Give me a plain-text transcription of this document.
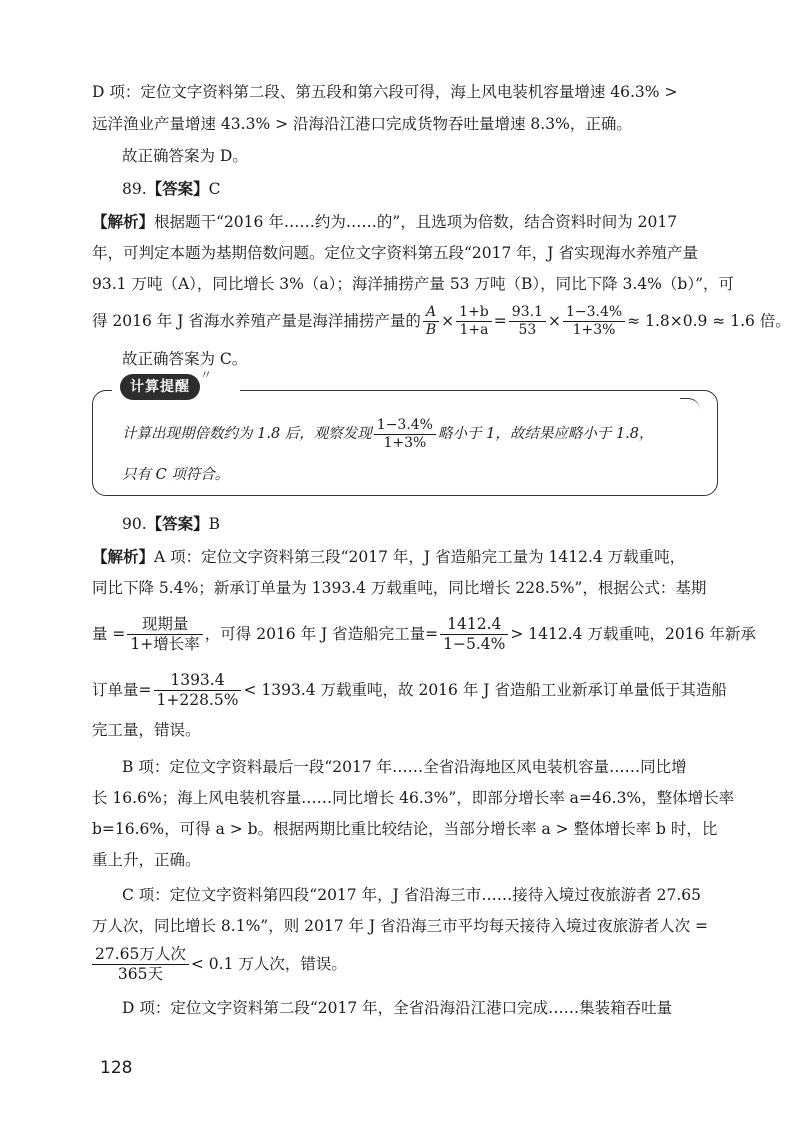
D 项：定位文字资料第二段、第五段和第六段可得，海上风电装机容量增速 46.3% >
远洋渔业产量增速 43.3% > 沿海沿江港口完成货物吞吐量增速 8.3%，正确。
故正确答案为 D。
89.【答案】C
【解析】根据题干“2016 年……约为……的”，且选项为倍数，结合资料时间为 2017
年，可判定本题为基期倍数问题。定位文字资料第五段“2017 年，J 省实现海水养殖产量
93.1 万吨（A），同比增长 3%（a）；海洋捕捞产量 53 万吨（B），同比下降 3.4%（b）”，可
得 2016 年 J 省海水养殖产量是海洋捕捞产量的 $\frac{A}{B} \times \frac{1+b}{1+a} = \frac{93.1}{53} \times \frac{1-3.4\%}{1+3\%} \approx 1.8\times 0.9 \approx 1.6$ 倍。
故正确答案为 C。
计算提醒
〃
计算出现期倍数约为 1.8 后，观察发现 $\frac{1-3.4\%}{1+3\%}$ 略小于 1，故结果应略小于 1.8，
只有 C 项符合。
90.【答案】B
【解析】A 项：定位文字资料第三段“2017 年，J 省造船完工量为 1412.4 万载重吨，
同比下降 5.4%；新承订单量为 1393.4 万载重吨，同比增长 228.5%”，根据公式：基期
量 = $\frac{\text{现期量}}{\text{1+增长率}}$ ，可得 2016 年 J 省造船完工量= $\frac{1412.4}{1-5.4\%} > 1412.4$ 万载重吨，2016 年新承
订单量= $\frac{1393.4}{1+228.5\%} < 1393.4$ 万载重吨，故 2016 年 J 省造船工业新承订单量低于其造船
完工量，错误。
B 项：定位文字资料最后一段“2017 年……全省沿海地区风电装机容量……同比增
长 16.6%；海上风电装机容量……同比增长 46.3%”，即部分增长率 a=46.3%，整体增长率
b=16.6%，可得 a > b。根据两期比重比较结论，当部分增长率 a > 整体增长率 b 时，比
重上升，正确。
C 项：定位文字资料第四段“2017 年，J 省沿海三市……接待入境过夜旅游者 27.65
万人次，同比增长 8.1%”，则 2017 年 J 省沿海三市平均每天接待入境过夜旅游者人次 =
$\frac{\text{27.65万人次}}{\text{365天}} < 0.1$ 万人次，错误。
D 项：定位文字资料第二段“2017 年，全省沿海沿江港口完成……集装箱吞吐量
128
